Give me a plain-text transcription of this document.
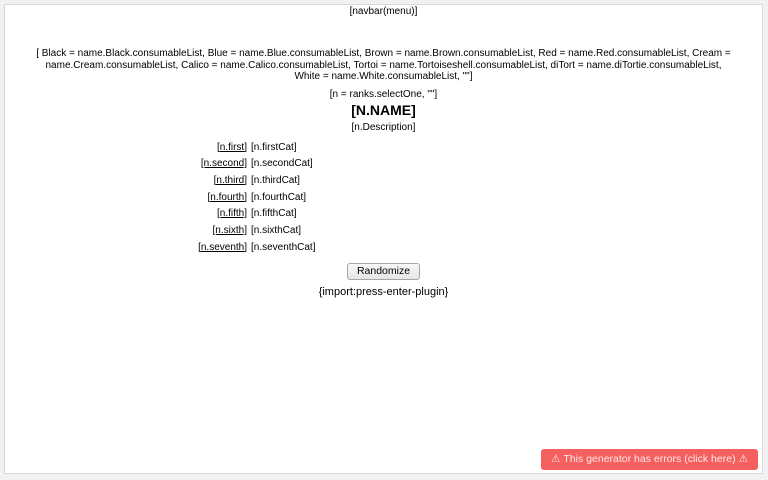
[navbar(menu)]
[ Black = name.Black.consumableList, Blue = name.Blue.consumableList, Brown = name.Brown.consumableList, Red = name.Red.consumableList, Cream = name.Cream.consumableList, Calico = name.Calico.consumableList, Tortoi = name.Tortoiseshell.consumableList, diTort = name.diTortie.consumableList, White = name.White.consumableList, ""]
[n = ranks.selectOne, ""]
[N.NAME]
[n.Description]
[n.first] [n.firstCat]
[n.second] [n.secondCat]
[n.third] [n.thirdCat]
[n.fourth] [n.fourthCat]
[n.fifth] [n.fifthCat]
[n.sixth] [n.sixthCat]
[n.seventh] [n.seventhCat]
Randomize
{import:press-enter-plugin}
⚠ This generator has errors (click here) ⚠
